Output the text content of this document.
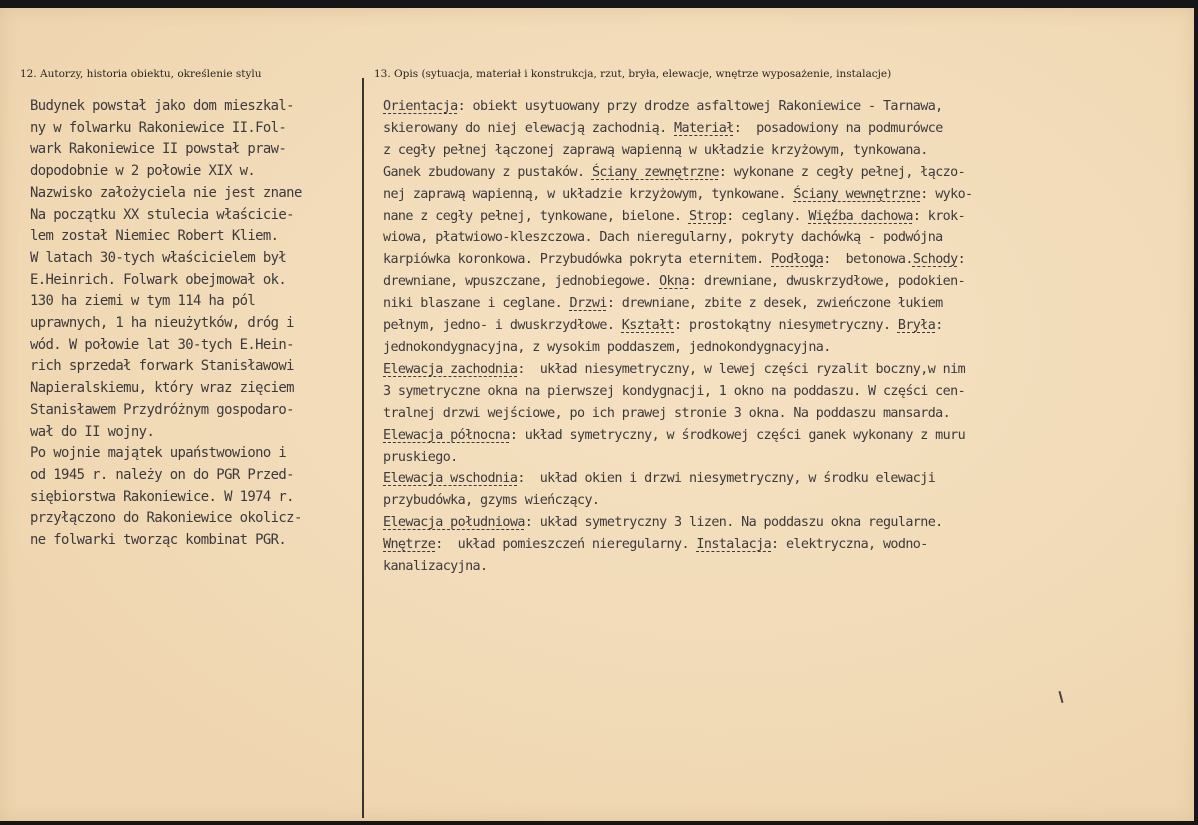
12. Autorzy, historia obiektu, określenie stylu	13. Opis (sytuacja, materiał i konstrukcja, rzut, bryła, elewacje, wnętrze wyposażenie, instalacje)
Budynek powstał jako dom mieszkal-
ny w folwarku Rakoniewice II.Fol-
wark Rakoniewice II powstał praw-
dopodobnie w 2 połowie XIX w.
Nazwisko założyciela nie jest znane
Na początku XX stulecia właściciе-
lem został Niemiec Robert Kliem.
W latach 30-tych właścicielem był
E.Heinrich. Folwark obejmował ok.
130 ha ziemi w tym 114 ha pól
uprawnych, 1 ha nieużytków, dróg i
wód. W połowie lat 30-tych E.Hein-
rich sprzedał forwark Stanisławowi
Napieralskiemu, który wraz zięciem
Stanisławem Przydróżnym gospodaro-
wał do II wojny.
Po wojnie majątek upaństwowiono i
od 1945 r. należy on do PGR Przed-
siębiorstwa Rakoniewice. W 1974 r.
przyłączono do Rakoniewice okolicz-
ne folwarki tworząc kombinat PGR.
Orientacja: obiekt usytuowany przy drodze asfaltowej Rakoniewice - Tarnawa,
skierowany do niej elewacją zachodnią. Materiał:  posadowiony na podmurówce
z cegły pełnej łączonej zaprawą wapienną w układzie krzyżowym, tynkowana.
Ganek zbudowany z pustaków. Ściany zewnętrzne: wykonane z cegły pełnej, łączo-
nej zaprawą wapienną, w układzie krzyżowym, tynkowane. Ściany wewnętrzne: wyko-
nane z cegły pełnej, tynkowane, bielone. Strop: ceglany. Więźba dachowa: krok-
wiowa, płatwiowo-kleszczowa. Dach nieregularny, pokryty dachówką - podwójna
karpiówka koronkowa. Przybudówka pokryta eternitem. Podłoga:  betonowa.Schody:
drewniane, wpuszczane, jednobiegowe. Okna: drewniane, dwuskrzydłowe, podokien-
niki blaszane i ceglane. Drzwi: drewniane, zbite z desek, zwieńczone łukiem
pełnym, jedno- i dwuskrzydłowe. Kształt: prostokątny niesymetryczny. Bryła:
jednokondygnacyjna, z wysokim poddaszem, jednokondygnacyjna.
Elewacja zachodnia:  układ niesymetryczny, w lewej części ryzalit boczny,w nim
3 symetryczne okna na pierwszej kondygnacji, 1 okno na poddaszu. W części cen-
tralnej drzwi wejściowe, po ich prawej stronie 3 okna. Na poddaszu mansarda.
Elewacja północna: układ symetryczny, w środkowej części ganek wykonany z muru
pruskiego.
Elewacja wschodnia:  układ okien i drzwi niesymetryczny, w środku elewacji
przybudówka, gzyms wieńczący.
Elewacja południowa: układ symetryczny 3 lizen. Na poddaszu okna regularne.
Wnętrze:  układ pomieszczeń nieregularny. Instalacja: elektryczna, wodno-
kanalizacyjna.
